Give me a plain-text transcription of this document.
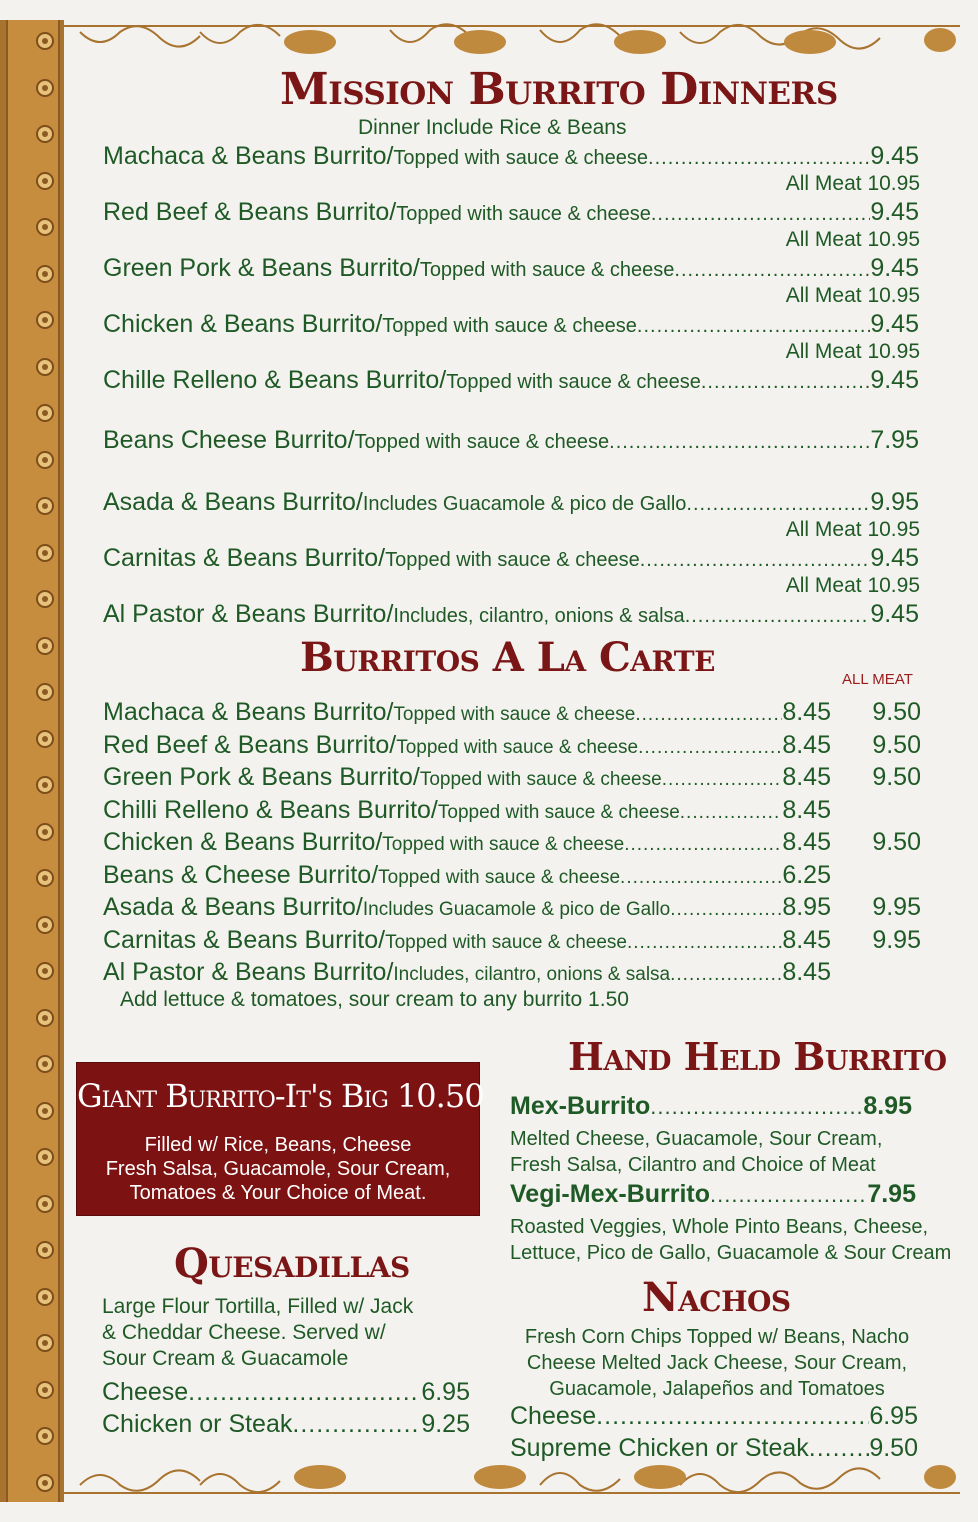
Mission Burrito Dinners
Dinner Include Rice & Beans
Machaca & Beans Burrito/ Topped with sauce & cheese .....	9.45
All Meat 10.95
Red Beef & Beans Burrito/ Topped with sauce & cheese .....	9.45
All Meat 10.95
Green Pork & Beans Burrito/ Topped with sauce & cheese .....	9.45
All Meat 10.95
Chicken & Beans Burrito/ Topped with sauce & cheese .....	9.45
All Meat 10.95
Chille Relleno & Beans Burrito/ Topped with sauce & cheese .....	9.45
Beans Cheese Burrito/ Topped with sauce & cheese .....	7.95
Asada & Beans Burrito/ Includes Guacamole & pico de Gallo .....	9.95
All Meat 10.95
Carnitas & Beans Burrito/ Topped with sauce & cheese .....	9.45
All Meat 10.95
Al Pastor & Beans Burrito/ Includes, cilantro, onions & salsa .....	9.45
Burritos A La Carte	ALL MEAT
Machaca & Beans Burrito/ Topped with sauce & cheese .....	8.45	9.50
Red Beef & Beans Burrito/ Topped with sauce & cheese .....	8.45	9.50
Green Pork & Beans Burrito/ Topped with sauce & cheese .....	8.45	9.50
Chilli Relleno & Beans Burrito/ Topped with sauce & cheese .....	8.45
Chicken & Beans Burrito/ Topped with sauce & cheese .....	8.45	9.50
Beans & Cheese Burrito/ Topped with sauce & cheese .....	6.25
Asada & Beans Burrito/ Includes Guacamole & pico de Gallo .....	8.95	9.95
Carnitas & Beans Burrito/ Topped with sauce & cheese .....	8.45	9.95
Al Pastor & Beans Burrito/ Includes, cilantro, onions & salsa .....	8.45
Add lettuce & tomatoes, sour cream to any burrito 1.50
Giant Burrito-It's Big 10.50
Filled w/ Rice, Beans, Cheese
Fresh Salsa, Guacamole, Sour Cream,
Tomatoes & Your Choice of Meat.
Quesadillas
Large Flour Tortilla, Filled w/ Jack
& Cheddar Cheese. Served w/
Sour Cream & Guacamole
Cheese .....	6.95
Chicken or Steak .....	9.25
Hand Held Burrito
Mex-Burrito .....	8.95
Melted Cheese, Guacamole, Sour Cream,
Fresh Salsa, Cilantro and Choice of Meat
Vegi-Mex-Burrito .....	7.95
Roasted Veggies, Whole Pinto Beans, Cheese,
Lettuce, Pico de Gallo, Guacamole & Sour Cream
Nachos
Fresh Corn Chips Topped w/ Beans, Nacho
Cheese Melted Jack Cheese, Sour Cream,
Guacamole, Jalapeños and Tomatoes
Cheese .....	6.95
Supreme Chicken or Steak ..... 9.50
